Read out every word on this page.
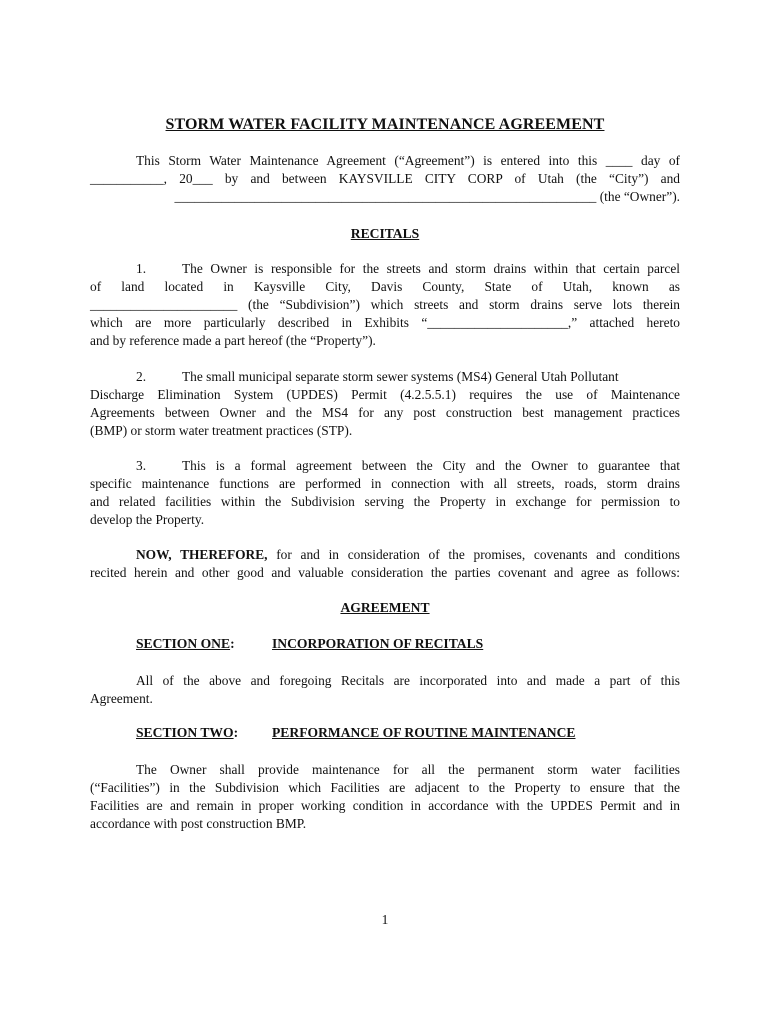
STORM WATER FACILITY MAINTENANCE AGREEMENT
This Storm Water Maintenance Agreement (“Agreement”) is entered into this ____ day of
___________, 20___ by and between KAYSVILLE CITY CORP of Utah (the “City”) and
_______________________________________________________________ (the “Owner”).
RECITALS
1.	The Owner is responsible for the streets and storm drains within that certain parcel
of land located in Kaysville City, Davis County, State of Utah, known as
______________________ (the “Subdivision”) which streets and storm drains serve lots therein
which are more particularly described in Exhibits “_____________________,” attached hereto
and by reference made a part hereof (the “Property”).
2.	The small municipal separate storm sewer systems (MS4) General Utah Pollutant
Discharge Elimination System (UPDES) Permit (4.2.5.5.1) requires the use of Maintenance
Agreements between Owner and the MS4 for any post construction best management practices
(BMP) or storm water treatment practices (STP).
3.	This is a formal agreement between the City and the Owner to guarantee that
specific maintenance functions are performed in connection with all streets, roads, storm drains
and related facilities within the Subdivision serving the Property in exchange for permission to
develop the Property.
NOW, THEREFORE, for and in consideration of the promises, covenants and conditions
recited herein and other good and valuable consideration the parties covenant and agree as follows:
AGREEMENT
SECTION ONE:	INCORPORATION OF RECITALS
All of the above and foregoing Recitals are incorporated into and made a part of this
Agreement.
SECTION TWO: PERFORMANCE OF ROUTINE MAINTENANCE
The Owner shall provide maintenance for all the permanent storm water facilities
(“Facilities”) in the Subdivision which Facilities are adjacent to the Property to ensure that the
Facilities are and remain in proper working condition in accordance with the UPDES Permit and in
accordance with post construction BMP.
1
